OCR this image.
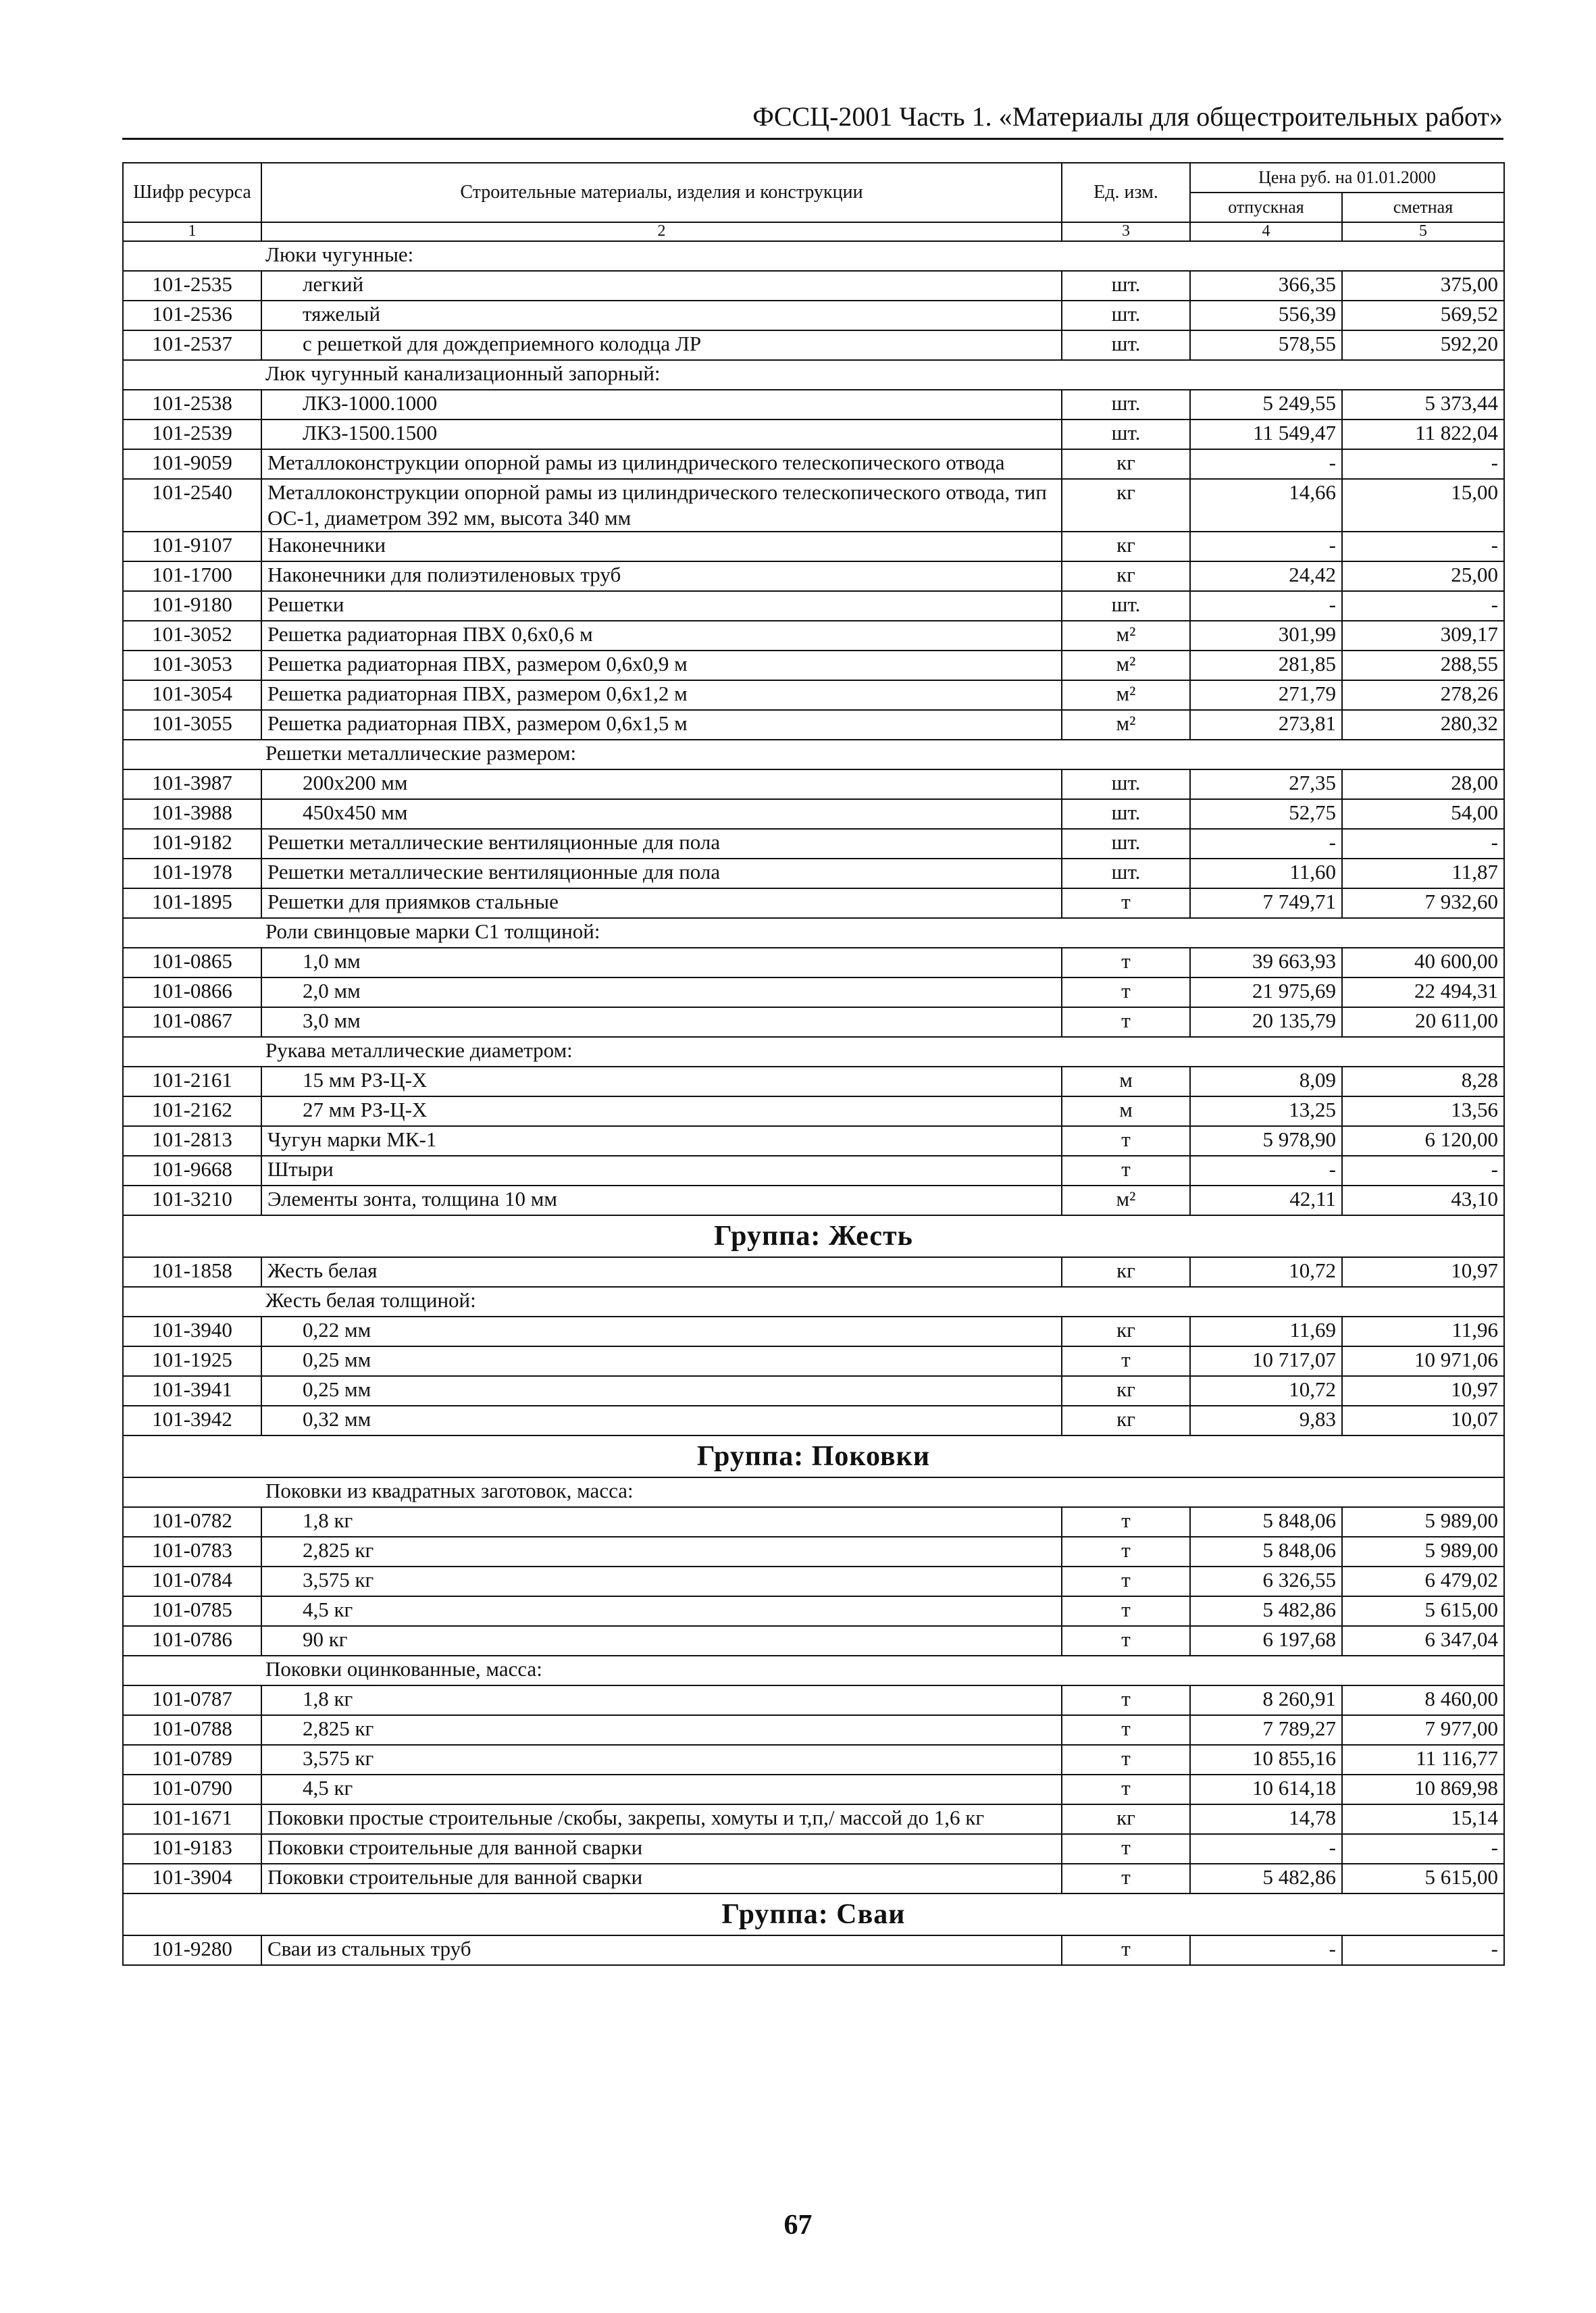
ФССЦ-2001 Часть 1. «Материалы для общестроительных работ»
Шифр ресурса	Строительные материалы, изделия и конструкции	Ед. изм.	Цена руб. на 01.01.2000	
			отпускная	сметная
1	2	3	4	5
Люки чугунные:				
101-2535	легкий	шт.	366,35	375,00
101-2536	тяжелый	шт.	556,39	569,52
101-2537	с решеткой для дождеприемного колодца ЛР	шт.	578,55	592,20
Люк чугунный канализационный запорный:				
101-2538	ЛКЗ-1000.1000	шт.	5 249,55	5 373,44
101-2539	ЛКЗ-1500.1500	шт.	11 549,47	11 822,04
101-9059	Металлоконструкции опорной рамы из цилиндрического телескопического отвода	кг	-	-
101-2540	Металлоконструкции опорной рамы из цилиндрического телескопического отвода, тип ОС-1, диаметром 392 мм, высота 340 мм	кг	14,66	15,00
101-9107	Наконечники	кг	-	-
101-1700	Наконечники для полиэтиленовых труб	кг	24,42	25,00
101-9180	Решетки	шт.	-	-
101-3052	Решетка радиаторная ПВХ 0,6х0,6 м	м²	301,99	309,17
101-3053	Решетка радиаторная ПВХ, размером 0,6х0,9 м	м²	281,85	288,55
101-3054	Решетка радиаторная ПВХ, размером 0,6х1,2 м	м²	271,79	278,26
101-3055	Решетка радиаторная ПВХ, размером 0,6х1,5 м	м²	273,81	280,32
Решетки металлические размером:				
101-3987	200х200 мм	шт.	27,35	28,00
101-3988	450х450 мм	шт.	52,75	54,00
101-9182	Решетки металлические вентиляционные для пола	шт.	-	-
101-1978	Решетки металлические вентиляционные для пола	шт.	11,60	11,87
101-1895	Решетки для приямков стальные	т	7 749,71	7 932,60
Роли свинцовые марки С1 толщиной:				
101-0865	1,0 мм	т	39 663,93	40 600,00
101-0866	2,0 мм	т	21 975,69	22 494,31
101-0867	3,0 мм	т	20 135,79	20 611,00
Рукава металлические диаметром:				
101-2161	15 мм РЗ-Ц-Х	м	8,09	8,28
101-2162	27 мм РЗ-Ц-Х	м	13,25	13,56
101-2813	Чугун марки МК-1	т	5 978,90	6 120,00
101-9668	Штыри	т	-	-
101-3210	Элементы зонта, толщина 10 мм	м²	42,11	43,10
Группа: Жесть				
101-1858	Жесть белая	кг	10,72	10,97
Жесть белая толщиной:				
101-3940	0,22 мм	кг	11,69	11,96
101-1925	0,25 мм	т	10 717,07	10 971,06
101-3941	0,25 мм	кг	10,72	10,97
101-3942	0,32 мм	кг	9,83	10,07
Группа: Поковки				
Поковки из квадратных заготовок, масса:				
101-0782	1,8 кг	т	5 848,06	5 989,00
101-0783	2,825 кг	т	5 848,06	5 989,00
101-0784	3,575 кг	т	6 326,55	6 479,02
101-0785	4,5 кг	т	5 482,86	5 615,00
101-0786	90 кг	т	6 197,68	6 347,04
Поковки оцинкованные, масса:				
101-0787	1,8 кг	т	8 260,91	8 460,00
101-0788	2,825 кг	т	7 789,27	7 977,00
101-0789	3,575 кг	т	10 855,16	11 116,77
101-0790	4,5 кг	т	10 614,18	10 869,98
101-1671	Поковки простые строительные /скобы, закрепы, хомуты и т,п,/ массой до 1,6 кг	кг	14,78	15,14
101-9183	Поковки строительные для ванной сварки	т	-	-
101-3904	Поковки строительные для ванной сварки	т	5 482,86	5 615,00
Группа: Сваи				
101-9280	Сваи из стальных труб	т	-	-
67
